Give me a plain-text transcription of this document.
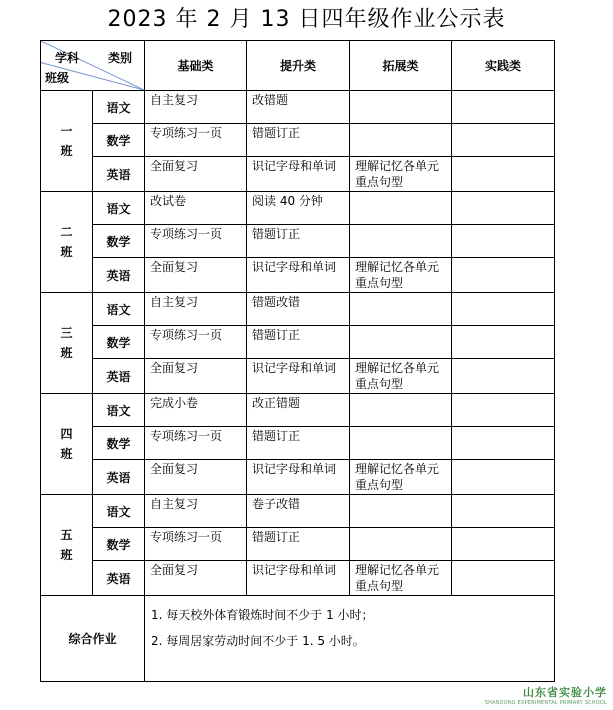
2023 年 2 月 13 日四年级作业公示表
学科 类别
班级		基础类	提升类	拓展类	实践类
一
班	语文	自主复习	改错题		
	数学	专项练习一页	错题订正		
	英语	全面复习	识记字母和单词	理解记忆各单元重点句型	
二
班	语文	改试卷	阅读 40 分钟		
	数学	专项练习一页	错题订正		
	英语	全面复习	识记字母和单词	理解记忆各单元重点句型	
三
班	语文	自主复习	错题改错		
	数学	专项练习一页	错题订正		
	英语	全面复习	识记字母和单词	理解记忆各单元重点句型	
四
班	语文	完成小卷	改正错题		
	数学	专项练习一页	错题订正		
	英语	全面复习	识记字母和单词	理解记忆各单元重点句型	
五
班	语文	自主复习	卷子改错		
	数学	专项练习一页	错题订正		
	英语	全面复习	识记字母和单词	理解记忆各单元重点句型	
综合作业		1. 每天校外体育锻炼时间不少于 1 小时；
2. 每周居家劳动时间不少于 1. 5 小时。			
山东省实验小学
SHANDONG EXPERIMENTAL PRIMARY SCHOOL
